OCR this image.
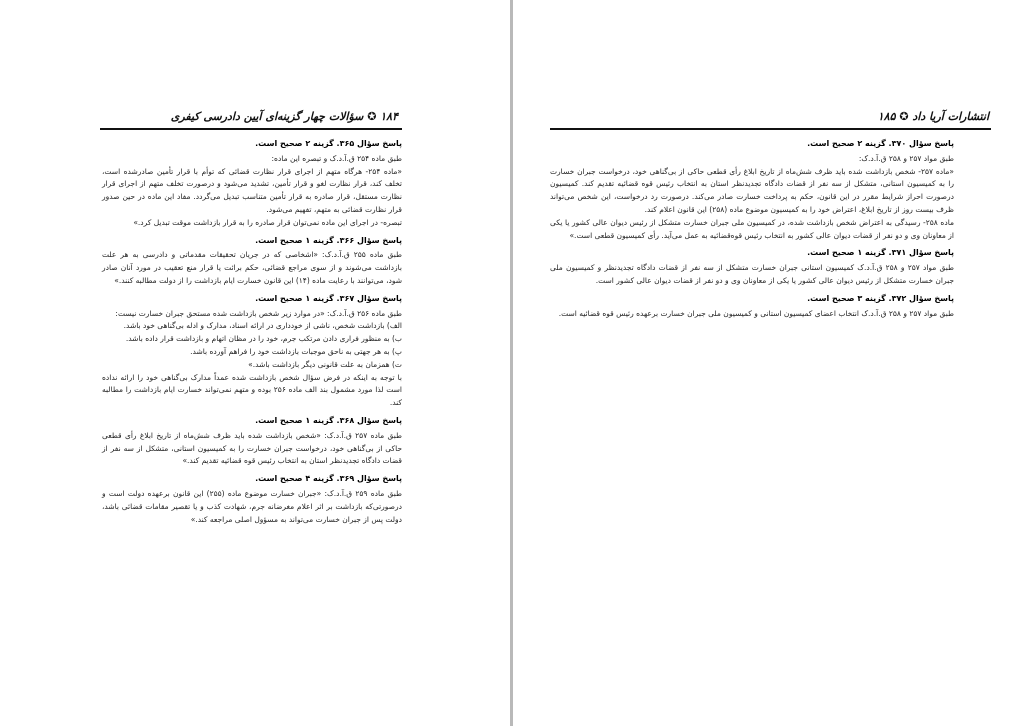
۱۸۴ ✪ سؤالات چهار گزینه‌ای آیین دادرسی کیفری
پاسخ سؤال ۳۶۵. گزینه ۲ صحیح است.

طبق ماده ۲۵۴ ق.آ.د.ک و تبصره این ماده:

«ماده ۲۵۴- هرگاه متهم از اجرای قرار نظارت قضائی که توأم با قرار تأمین صادرشده است، تخلف کند، قرار نظارت لغو و قرار تأمین، تشدید می‌شود و درصورت تخلف متهم از اجرای قرار نظارت مستقل، قرار صادره به قرار تأمین متناسب تبدیل می‌گردد. مفاد این ماده در حین صدور قرار نظارت قضائی به متهم، تفهیم می‌شود.

تبصره- در اجرای این ماده نمی‌توان قرار صادره را به قرار بازداشت موقت تبدیل کرد.»

پاسخ سؤال ۳۶۶. گزینه ۱ صحیح است.

طبق ماده ۲۵۵ ق.آ.د.ک: «اشخاصی که در جریان تحقیقات مقدماتی و دادرسی به هر علت بازداشت می‌شوند و از سوی مراجع قضائی، حکم برائت یا قرار منع تعقیب در مورد آنان صادر شود، می‌توانند با رعایت ماده (۱۴) این قانون خسارت ایام بازداشت را از دولت مطالبه کنند.»

پاسخ سؤال ۳۶۷. گزینه ۱ صحیح است.

طبق ماده ۲۵۶ ق.آ.د.ک: «در موارد زیر شخص بازداشت شده مستحق جبران خسارت نیست:

الف) بازداشت شخص، ناشی از خودداری در ارائه اسناد، مدارک و ادله بی‌گناهی خود باشد.

ب) به منظور فراری دادن مرتکب جرم، خود را در مظان اتهام و بازداشت قرار داده باشد.

پ) به هر جهتی به ناحق موجبات بازداشت خود را فراهم آورده باشد.

ت) همزمان به علت قانونی دیگر بازداشت باشد.»

با توجه به اینکه در فرض سؤال شخص بازداشت شده عمداً مدارک بی‌گناهی خود را ارائه نداده است لذا مورد مشمول بند الف ماده ۲۵۶ بوده و متهم نمی‌تواند خسارت ایام بازداشت را مطالبه کند.

پاسخ سؤال ۳۶۸. گزینه ۱ صحیح است.

طبق ماده ۲۵۷ ق.آ.د.ک: «شخص بازداشت شده باید ظرف شش‌ماه از تاریخ ابلاغ رأی قطعی حاکی از بی‌گناهی خود، درخواست جبران خسارت را به کمیسیون استانی، متشکل از سه نفر از قضات دادگاه تجدیدنظر استان به انتخاب رئیس قوه قضائیه تقدیم کند.»

پاسخ سؤال ۳۶۹. گزینه ۴ صحیح است.

طبق ماده ۲۵۹ ق.آ.د.ک: «جبران خسارت موضوع ماده (۲۵۵) این قانون برعهده دولت است و درصورتی‌که بازداشت بر اثر اعلام مغرضانه جرم، شهادت کذب و یا تقصیر مقامات قضائی باشد، دولت پس از جبران خسارت می‌تواند به مسؤول اصلی مراجعه کند.»

انتشارات آریا داد ✪ ۱۸۵
پاسخ سؤال ۳۷۰. گزینه ۲ صحیح است.

طبق مواد ۲۵۷ و ۲۵۸ ق.آ.د.ک:

«ماده ۲۵۷- شخص بازداشت شده باید ظرف شش‌ماه از تاریخ ابلاغ رأی قطعی حاکی از بی‌گناهی خود، درخواست جبران خسارت را به کمیسیون استانی، متشکل از سه نفر از قضات دادگاه تجدیدنظر استان به انتخاب رئیس قوه قضائیه تقدیم کند. کمیسیون درصورت احراز شرایط مقرر در این قانون، حکم به پرداخت خسارت صادر می‌کند. درصورت رد درخواست، این شخص می‌تواند ظرف بیست روز از تاریخ ابلاغ، اعتراض خود را به کمیسیون موضوع ماده (۲۵۸) این قانون اعلام کند.

ماده ۲۵۸- رسیدگی به اعتراض شخص بازداشت شده، در کمیسیون ملی جبران خسارت متشکل از رئیس دیوان عالی کشور یا یکی از معاونان وی و دو نفر از قضات دیوان عالی کشور به انتخاب رئیس قوه‌قضائیه به عمل می‌آید. رأی کمیسیون قطعی است.»

پاسخ سؤال ۳۷۱. گزینه ۱ صحیح است.

طبق مواد ۲۵۷ و ۲۵۸ ق.آ.د.ک کمیسیون استانی جبران خسارت متشکل از سه نفر از قضات دادگاه تجدیدنظر و کمیسیون ملی جبران خسارت متشکل از رئیس دیوان عالی کشور یا یکی از معاونان وی و دو نفر از قضات دیوان عالی کشور است.

پاسخ سؤال ۳۷۲. گزینه ۳ صحیح است.

طبق مواد ۲۵۷ و ۲۵۸ ق.آ.د.ک انتخاب اعضای کمیسیون استانی و کمیسیون ملی جبران خسارت برعهده رئیس قوه قضائیه است.
